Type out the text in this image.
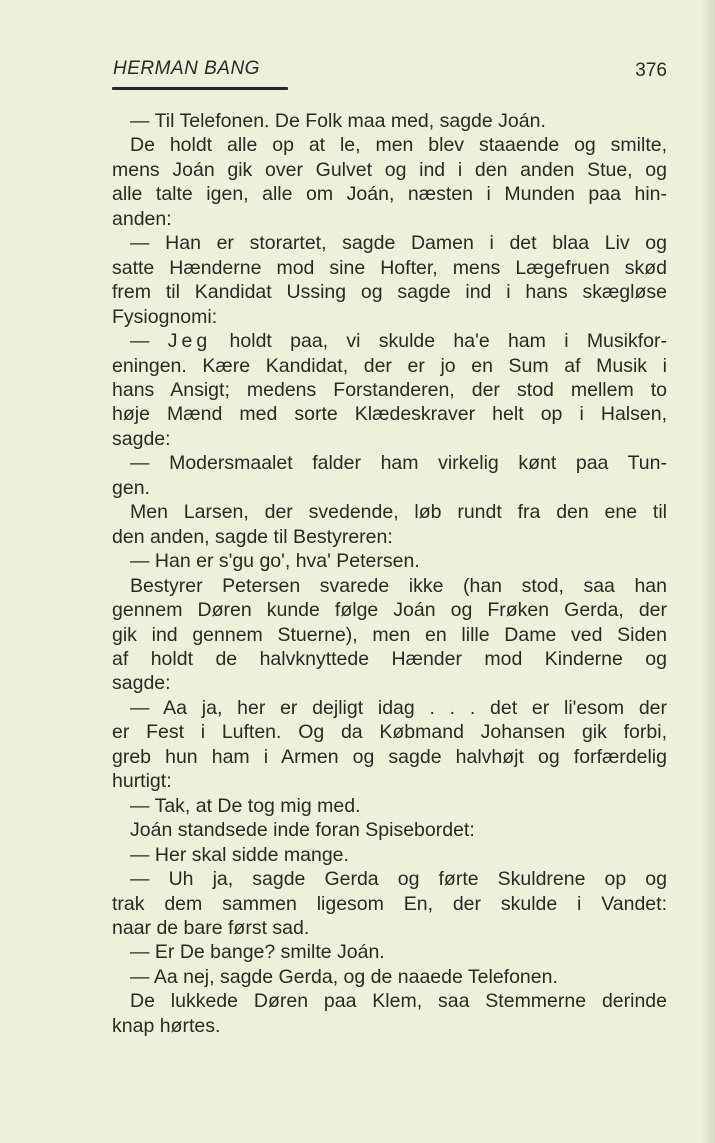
HERMAN BANG	376
— Til Telefonen. De Folk maa med, sagde Joán.
De holdt alle op at le, men blev staaende og smilte,
mens Joán gik over Gulvet og ind i den anden Stue, og
alle talte igen, alle om Joán, næsten i Munden paa hin-
anden:
— Han er storartet, sagde Damen i det blaa Liv og
satte Hænderne mod sine Hofter, mens Lægefruen skød
frem til Kandidat Ussing og sagde ind i hans skægløse
Fysiognomi:
— Jeg holdt paa, vi skulde ha'e ham i Musikfor-
eningen. Kære Kandidat, der er jo en Sum af Musik i
hans Ansigt; medens Forstanderen, der stod mellem to
høje Mænd med sorte Klædeskraver helt op i Halsen,
sagde:
— Modersmaalet falder ham virkelig kønt paa Tun-
gen.
Men Larsen, der svedende, løb rundt fra den ene til
den anden, sagde til Bestyreren:
— Han er s'gu go', hva' Petersen.
Bestyrer Petersen svarede ikke (han stod, saa han
gennem Døren kunde følge Joán og Frøken Gerda, der
gik ind gennem Stuerne), men en lille Dame ved Siden
af holdt de halvknyttede Hænder mod Kinderne og
sagde:
— Aa ja, her er dejligt idag . . . det er li'esom der
er Fest i Luften. Og da Købmand Johansen gik forbi,
greb hun ham i Armen og sagde halvhøjt og forfærdelig
hurtigt:
— Tak, at De tog mig med.
Joán standsede inde foran Spisebordet:
— Her skal sidde mange.
— Uh ja, sagde Gerda og førte Skuldrene op og
trak dem sammen ligesom En, der skulde i Vandet:
naar de bare først sad.
— Er De bange? smilte Joán.
— Aa nej, sagde Gerda, og de naaede Telefonen.
De lukkede Døren paa Klem, saa Stemmerne derinde
knap hørtes.
